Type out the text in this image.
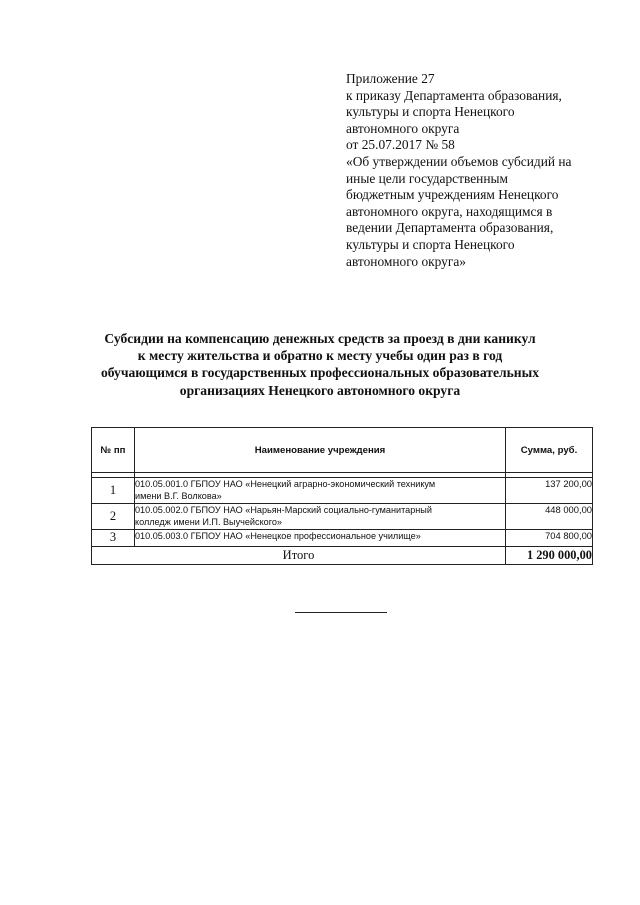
Приложение 27
к приказу Департамента образования,
культуры и спорта Ненецкого
автономного округа
от 25.07.2017 № 58
«Об утверждении объемов субсидий на
иные цели государственным
бюджетным учреждениям Ненецкого
автономного округа, находящимся в
ведении Департамента образования,
культуры и спорта Ненецкого
автономного округа»
Субсидии на компенсацию денежных средств за проезд в дни каникул
к месту жительства и обратно к месту учебы один раз в год
обучающимся в государственных профессиональных образовательных
организациях Ненецкого автономного округа
№ пп	Наименование учреждения	Сумма, руб.

1	010.05.001.0 ГБПОУ НАО «Ненецкий аграрно-экономический техникум
имени В.Г. Волкова»	137 200,00
2	010.05.002.0 ГБПОУ НАО «Нарьян-Марский социально-гуманитарный
колледж имени И.П. Выучейского»	448 000,00
3	010.05.003.0 ГБПОУ НАО «Ненецкое профессиональное училище»	704 800,00
Итого		1 290 000,00
